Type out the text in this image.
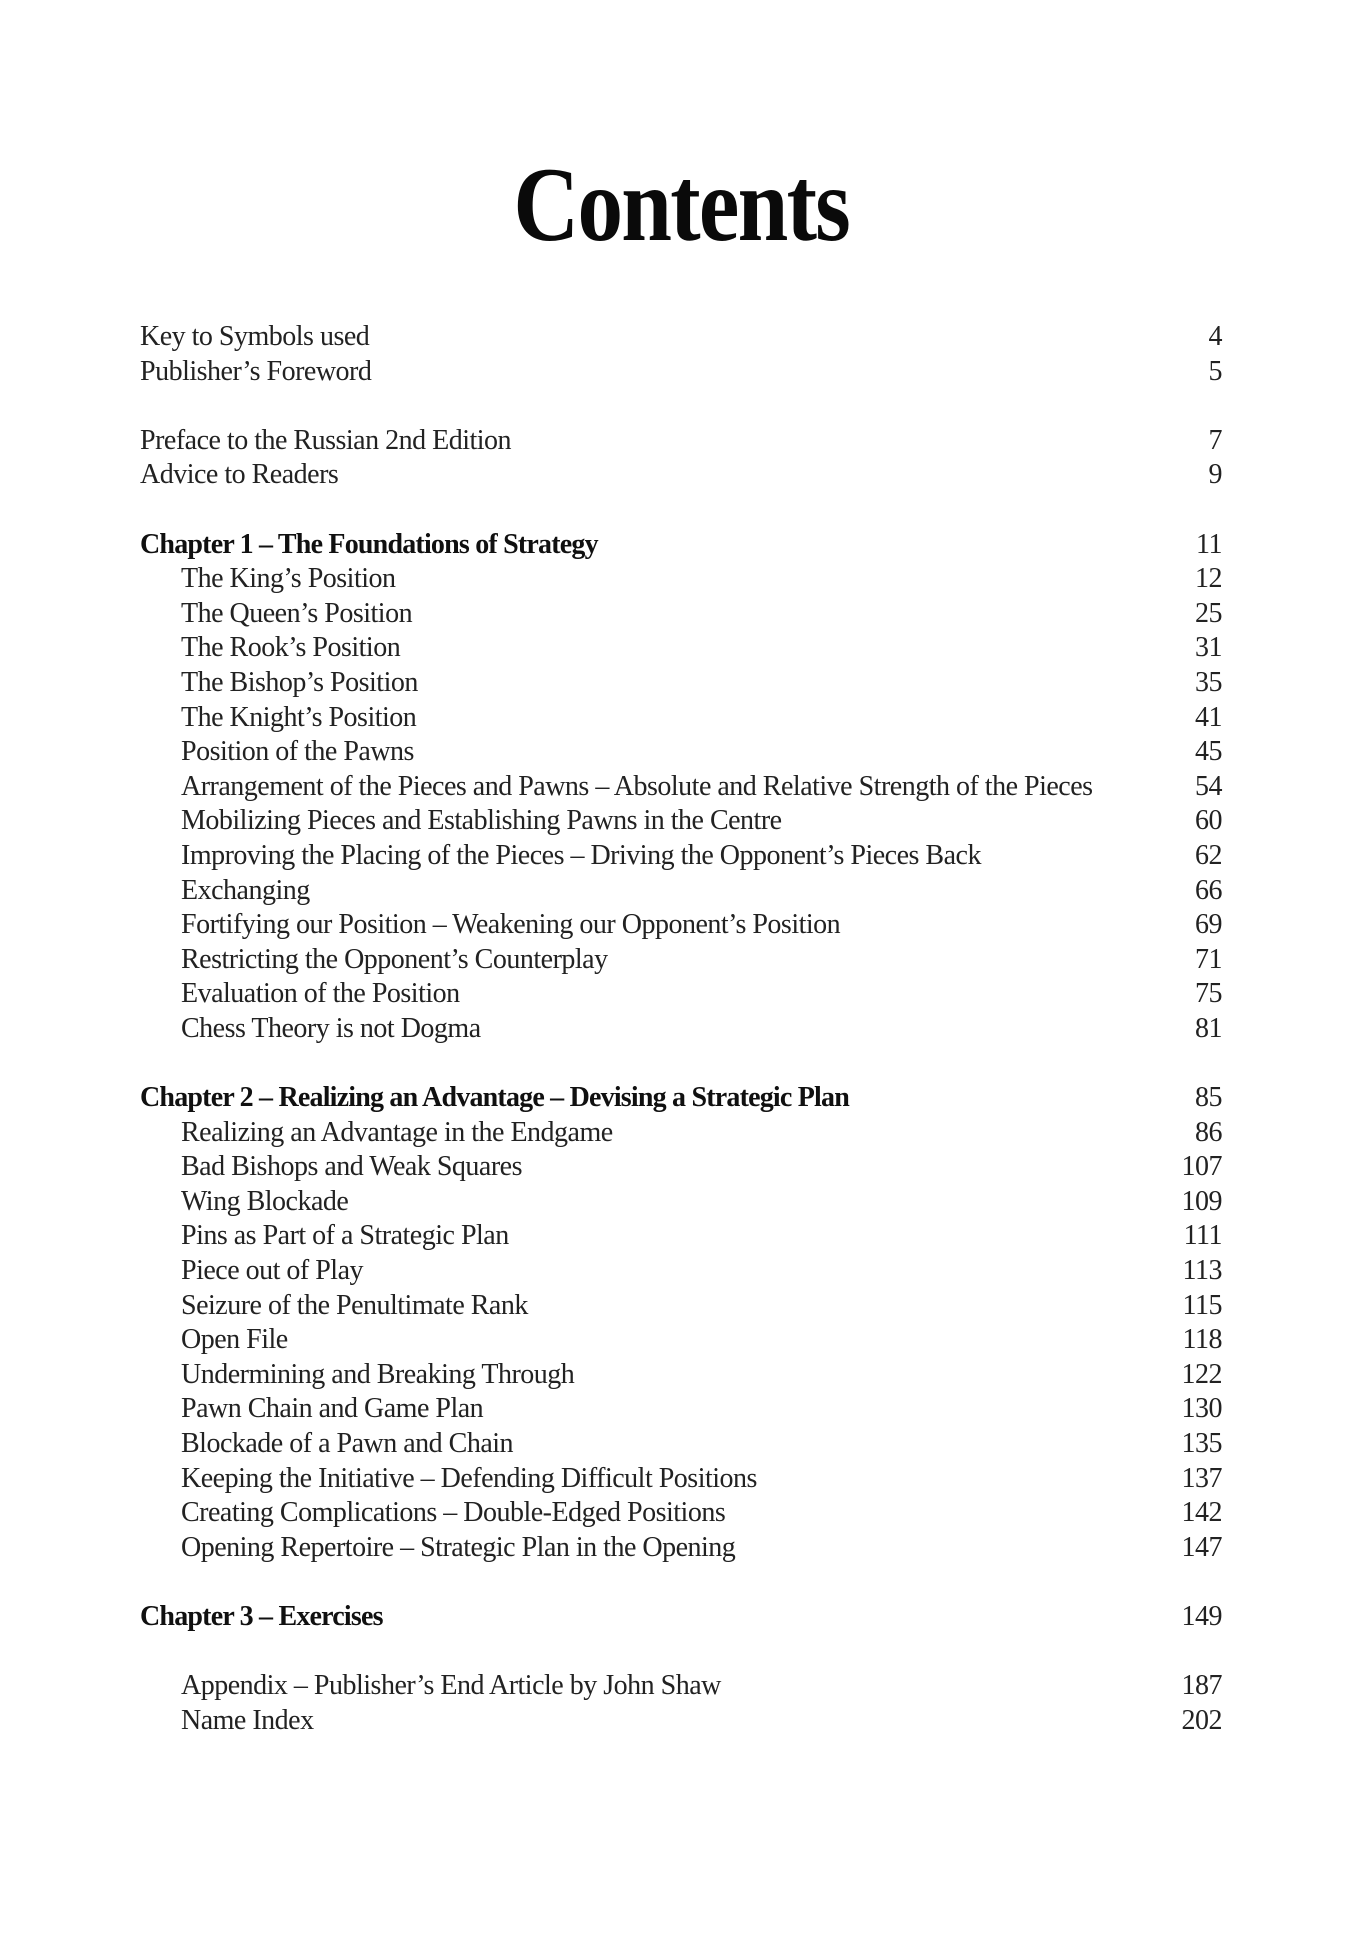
Contents
Key to Symbols used	4
Publisher’s Foreword	5
Preface to the Russian 2nd Edition	7
Advice to Readers	9
Chapter 1 – The Foundations of Strategy	11
The King’s Position	12
The Queen’s Position	25
The Rook’s Position	31
The Bishop’s Position	35
The Knight’s Position	41
Position of the Pawns	45
Arrangement of the Pieces and Pawns – Absolute and Relative Strength of the Pieces	54
Mobilizing Pieces and Establishing Pawns in the Centre	60
Improving the Placing of the Pieces – Driving the Opponent’s Pieces Back	62
Exchanging	66
Fortifying our Position – Weakening our Opponent’s Position	69
Restricting the Opponent’s Counterplay	71
Evaluation of the Position	75
Chess Theory is not Dogma	81
Chapter 2 – Realizing an Advantage – Devising a Strategic Plan	85
Realizing an Advantage in the Endgame	86
Bad Bishops and Weak Squares	107
Wing Blockade	109
Pins as Part of a Strategic Plan	111
Piece out of Play	113
Seizure of the Penultimate Rank	115
Open File	118
Undermining and Breaking Through	122
Pawn Chain and Game Plan	130
Blockade of a Pawn and Chain	135
Keeping the Initiative – Defending Difficult Positions	137
Creating Complications – Double-Edged Positions	142
Opening Repertoire – Strategic Plan in the Opening	147
Chapter 3 – Exercises	149
Appendix – Publisher’s End Article by John Shaw	187
Name Index	202
